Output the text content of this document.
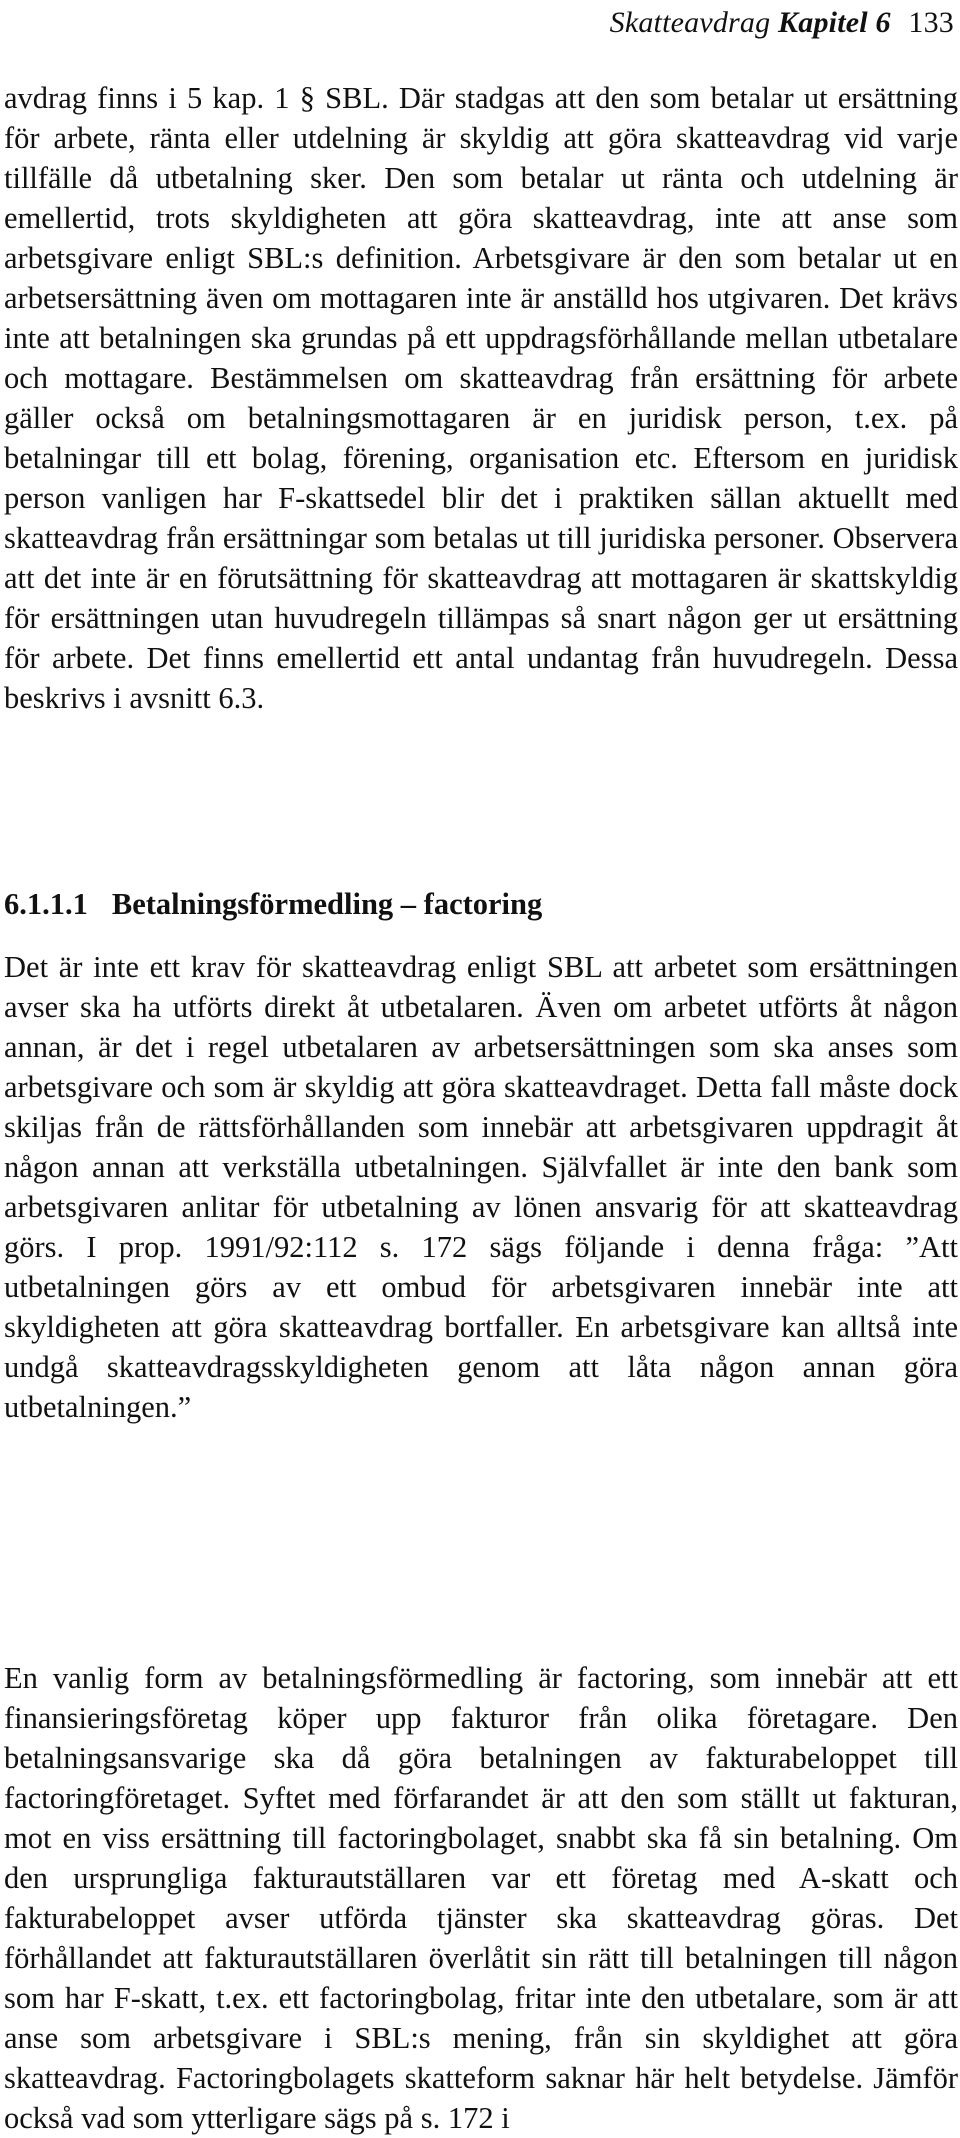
Skatteavdrag Kapitel 6 133

avdrag finns i 5 kap. 1 § SBL. Där stadgas att den som betalar ut ersättning för arbete, ränta eller utdelning är skyldig att göra skatteavdrag vid varje tillfälle då utbetalning sker. Den som betalar ut ränta och utdelning är emellertid, trots skyldigheten att göra skatteavdrag, inte att anse som arbetsgivare enligt SBL:s definition. Arbetsgivare är den som betalar ut en arbetsersättning även om mottagaren inte är anställd hos utgivaren. Det krävs inte att betalningen ska grundas på ett uppdragsförhållande mellan utbetalare och mottagare. Bestämmelsen om skatteavdrag från ersättning för arbete gäller också om betalningsmottagaren är en juridisk person, t.ex. på betalningar till ett bolag, förening, organisation etc. Eftersom en juridisk person vanligen har F-skattsedel blir det i praktiken sällan aktuellt med skatteavdrag från ersättningar som betalas ut till juridiska personer. Observera att det inte är en förutsättning för skatteavdrag att mottagaren är skattskyldig för ersättningen utan huvudregeln tillämpas så snart någon ger ut ersättning för arbete. Det finns emellertid ett antal undantag från huvudregeln. Dessa beskrivs i avsnitt 6.3.

6.1.1.1 Betalningsförmedling – factoring

Det är inte ett krav för skatteavdrag enligt SBL att arbetet som ersättningen avser ska ha utförts direkt åt utbetalaren. Även om arbetet utförts åt någon annan, är det i regel utbetalaren av arbetsersättningen som ska anses som arbetsgivare och som är skyldig att göra skatteavdraget. Detta fall måste dock skiljas från de rättsförhållanden som innebär att arbetsgivaren uppdragit åt någon annan att verkställa utbetalningen. Självfallet är inte den bank som arbetsgivaren anlitar för utbetalning av lönen ansvarig för att skatteavdrag görs. I prop. 1991/92:112 s. 172 sägs följande i denna fråga: ”Att utbetalningen görs av ett ombud för arbetsgivaren innebär inte att skyldigheten att göra skatteavdrag bortfaller. En arbetsgivare kan alltså inte undgå skatteavdragsskyldigheten genom att låta någon annan göra utbetalningen.”

En vanlig form av betalningsförmedling är factoring, som innebär att ett finansieringsföretag köper upp fakturor från olika företagare. Den betalningsansvarige ska då göra betalningen av fakturabeloppet till factoringföretaget. Syftet med förfarandet är att den som ställt ut fakturan, mot en viss ersättning till factoringbolaget, snabbt ska få sin betalning. Om den ursprungliga fakturautställaren var ett företag med A-skatt och fakturabeloppet avser utförda tjänster ska skatteavdrag göras. Det förhållandet att fakturautställaren överlåtit sin rätt till betalningen till någon som har F-skatt, t.ex. ett factoringbolag, fritar inte den utbetalare, som är att anse som arbetsgivare i SBL:s mening, från sin skyldighet att göra skatteavdrag. Factoringbolagets skatteform saknar här helt betydelse. Jämför också vad som ytterligare sägs på s. 172 i
